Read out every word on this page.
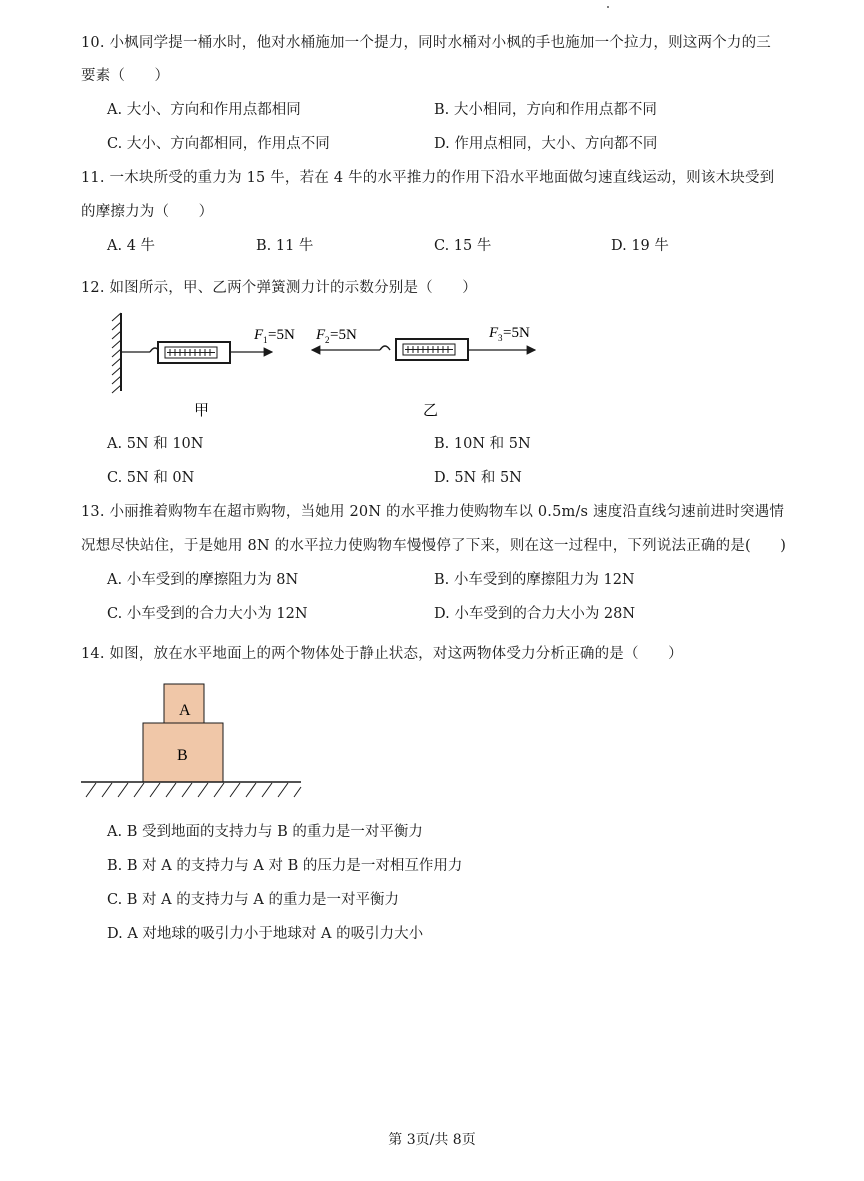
10. 小枫同学提一桶水时，他对水桶施加一个提力，同时水桶对小枫的手也施加一个拉力，则这两个力的三
要素（　　）
A. 大小、方向和作用点都相同	B. 大小相同，方向和作用点都不同
C. 大小、方向都相同，作用点不同	D. 作用点相同，大小、方向都不同
11. 一木块所受的重力为 15 牛，若在 4 牛的水平推力的作用下沿水平地面做匀速直线运动，则该木块受到
的摩擦力为（　　）
A. 4 牛	B. 11 牛	C. 15 牛	D. 19 牛
12. 如图所示，甲、乙两个弹簧测力计的示数分别是（　　）
F 1 =5N F 2 =5N	F 3 =5N
甲	乙
A. 5N 和 10N	B. 10N 和 5N
C. 5N 和 0N	D. 5N 和 5N
13. 小丽推着购物车在超市购物，当她用 20N 的水平推力使购物车以 0.5m/s 速度沿直线匀速前进时突遇情
况想尽快站住，于是她用 8N 的水平拉力使购物车慢慢停了下来，则在这一过程中，下列说法正确的是(　　)
A. 小车受到的摩擦阻力为 8N	B. 小车受到的摩擦阻力为 12N
C. 小车受到的合力大小为 12N	D. 小车受到的合力大小为 28N
14. 如图，放在水平地面上的两个物体处于静止状态，对这两物体受力分析正确的是（　　）
A
B
A. B 受到地面的支持力与 B 的重力是一对平衡力
B. B 对 A 的支持力与 A 对 B 的压力是一对相互作用力
C. B 对 A 的支持力与 A 的重力是一对平衡力
D. A 对地球的吸引力小于地球对 A 的吸引力大小
第 3页/共 8页
